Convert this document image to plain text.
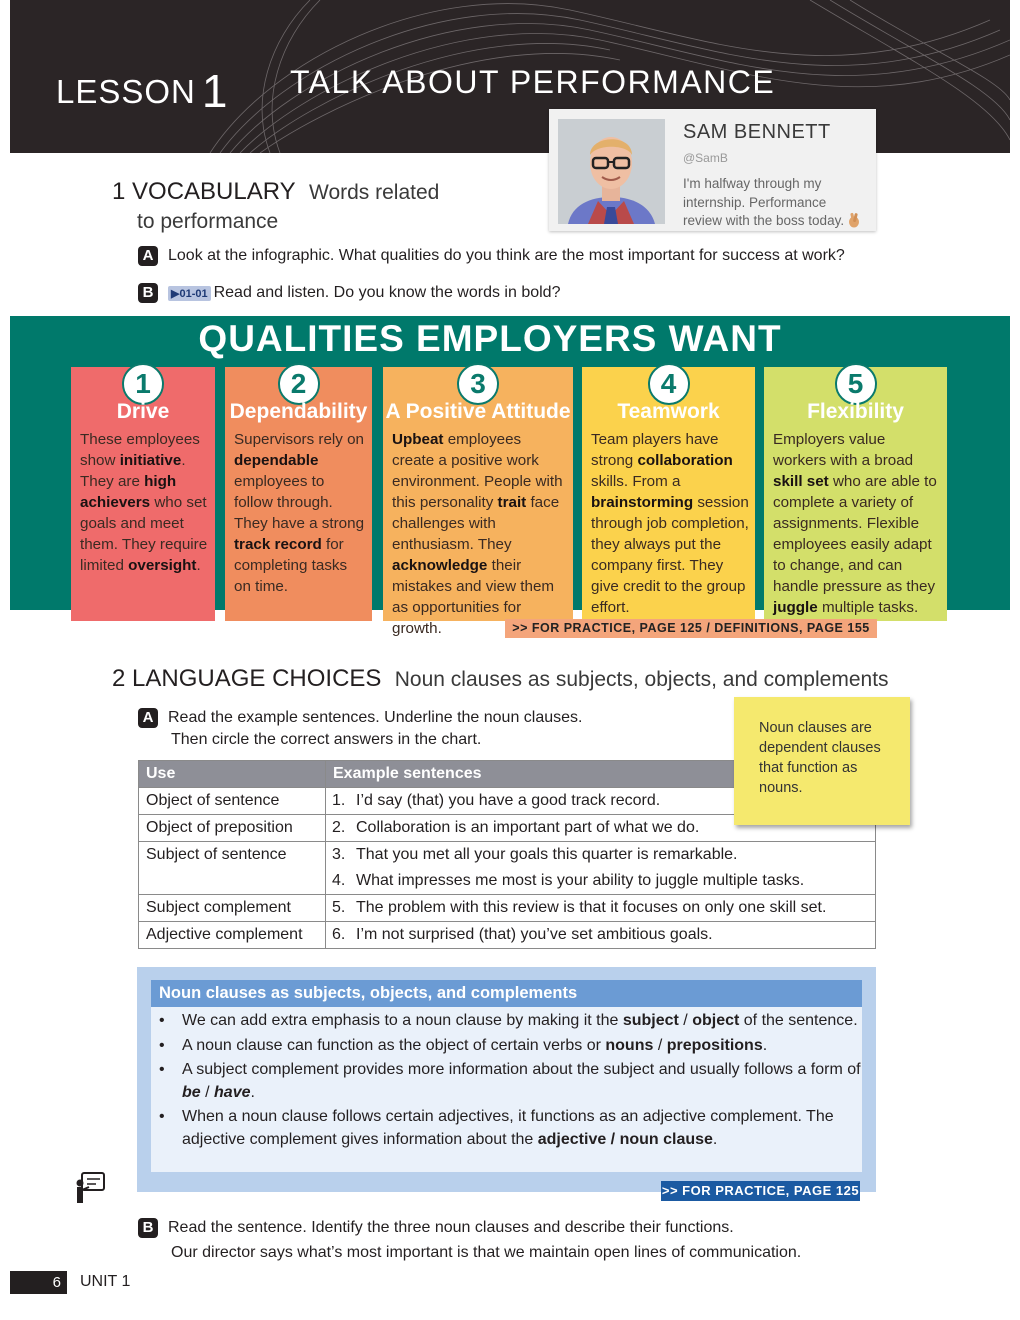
LESSON 1 TALK ABOUT PERFORMANCE
SAM BENNETT
@SamB
I'm halfway through my internship. Performance review with the boss today.
1 VOCABULARY Words related
to performance
A Look at the infographic. What qualities do you think are the most important for success at work?
B ▶01-01 Read and listen. Do you know the words in bold?
QUALITIES EMPLOYERS WANT
1
Drive
These employees show initiative. They are high achievers who set goals and meet them. They require limited oversight.
2
Dependability
Supervisors rely on dependable employees to follow through. They have a strong track record for completing tasks on time.
3
A Positive Attitude
Upbeat employees create a positive work environment. People with this personality trait face challenges with enthusiasm. They acknowledge their mistakes and view them as opportunities for growth.
4
Teamwork
Team players have strong collaboration skills. From a brainstorming session through job completion, they always put the company first. They give credit to the group effort.
5
Flexibility
Employers value workers with a broad skill set who are able to complete a variety of assignments. Flexible employees easily adapt to change, and can handle pressure as they juggle multiple tasks.
>> FOR PRACTICE, PAGE 125 / DEFINITIONS, PAGE 155
2 LANGUAGE CHOICES Noun clauses as subjects, objects, and complements
A Read the example sentences. Underline the noun clauses.
Then circle the correct answers in the chart.
Use	Example sentences
Object of sentence	1. I’d say (that) you have a good track record.
Object of preposition	2. Collaboration is an important part of what we do.
Subject of sentence	3. That you met all your goals this quarter is remarkable.
4. What impresses me most is your ability to juggle multiple tasks.

Subject complement	5. The problem with this review is that it focuses on only one skill set.
Adjective complement	6. I’m not surprised (that) you’ve set ambitious goals.
Noun clauses are dependent clauses that function as nouns.
Noun clauses as subjects, objects, and complements
• We can add extra emphasis to a noun clause by making it the subject / object of the sentence.
• A noun clause can function as the object of certain verbs or nouns / prepositions.
• A subject complement provides more information about the subject and usually follows a form of be / have.
• When a noun clause follows certain adjectives, it functions as an adjective complement. The adjective complement gives information about the adjective / noun clause.
>> FOR PRACTICE, PAGE 125
B Read the sentence. Identify the three noun clauses and describe their functions.
Our director says what’s most important is that we maintain open lines of communication.
6	UNIT 1
